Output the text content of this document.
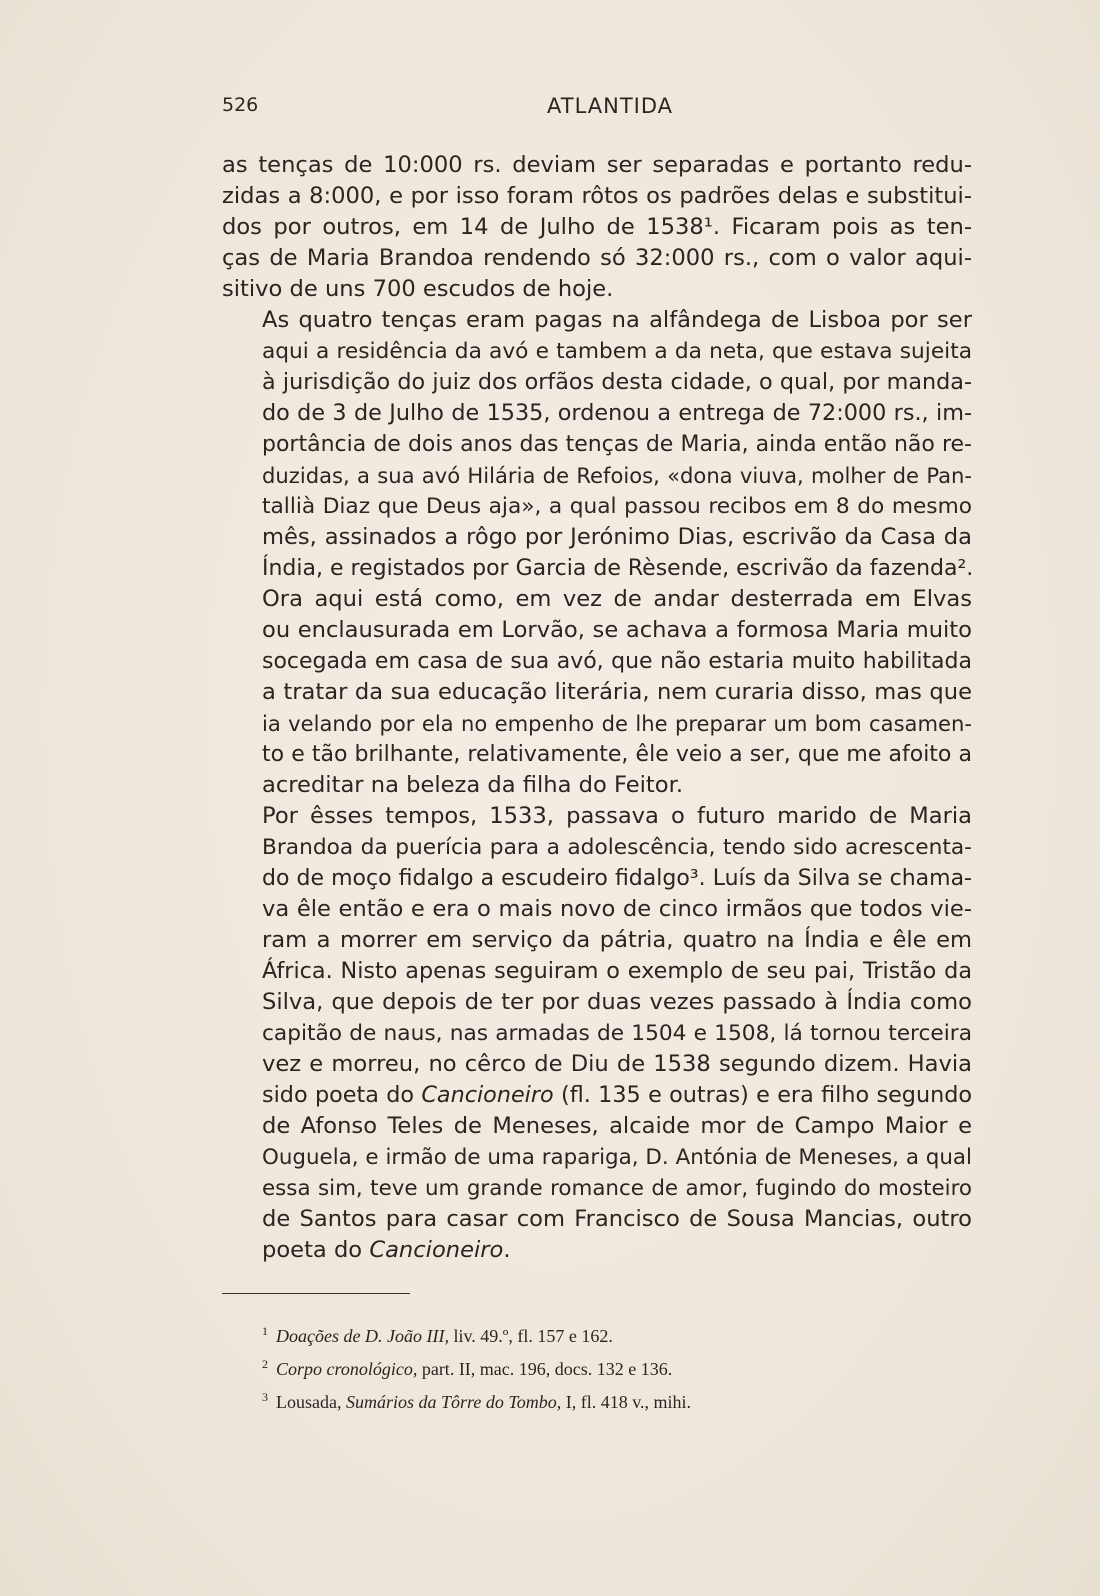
526	ATLANTIDA
as tenças de 10:000 rs. deviam ser separadas e portanto redu-
zidas a 8:000, e por isso foram rôtos os padrões delas e substitui-
dos por outros, em 14 de Julho de 1538¹. Ficaram pois as ten-
ças de Maria Brandoa rendendo só 32:000 rs., com o valor aqui-
sitivo de uns 700 escudos de hoje.
As quatro tenças eram pagas na alfândega de Lisboa por ser
aqui a residência da avó e tambem a da neta, que estava sujeita
à jurisdição do juiz dos orfãos desta cidade, o qual, por manda-
do de 3 de Julho de 1535, ordenou a entrega de 72:000 rs., im-
portância de dois anos das tenças de Maria, ainda então não re-
duzidas, a sua avó Hilária de Refoios, «dona viuva, molher de Pan-
tallià Diaz que Deus aja», a qual passou recibos em 8 do mesmo
mês, assinados a rôgo por Jerónimo Dias, escrivão da Casa da
Índia, e registados por Garcia de Rèsende, escrivão da fazenda².
Ora aqui está como, em vez de andar desterrada em Elvas
ou enclausurada em Lorvão, se achava a formosa Maria muito
socegada em casa de sua avó, que não estaria muito habilitada
a tratar da sua educação literária, nem curaria disso, mas que
ia velando por ela no empenho de lhe preparar um bom casamen-
to e tão brilhante, relativamente, êle veio a ser, que me afoito a
acreditar na beleza da filha do Feitor.
Por êsses tempos, 1533, passava o futuro marido de Maria
Brandoa da puerícia para a adolescência, tendo sido acrescenta-
do de moço fidalgo a escudeiro fidalgo³. Luís da Silva se chama-
va êle então e era o mais novo de cinco irmãos que todos vie-
ram a morrer em serviço da pátria, quatro na Índia e êle em
África. Nisto apenas seguiram o exemplo de seu pai, Tristão da
Silva, que depois de ter por duas vezes passado à Índia como
capitão de naus, nas armadas de 1504 e 1508, lá tornou terceira
vez e morreu, no cêrco de Diu de 1538 segundo dizem. Havia
sido poeta do Cancioneiro (fl. 135 e outras) e era filho segundo
de Afonso Teles de Meneses, alcaide mor de Campo Maior e
Ouguela, e irmão de uma rapariga, D. Antónia de Meneses, a qual
essa sim, teve um grande romance de amor, fugindo do mosteiro
de Santos para casar com Francisco de Sousa Mancias, outro
poeta do Cancioneiro.
$^1$ Doações de D. João III, liv. 49.º, fl. 157 e 162.
$^2$ Corpo cronológico, part. II, mac. 196, docs. 132 e 136.
$^3$ Lousada, Sumários da Tôrre do Tombo, I, fl. 418 v., mihi.
